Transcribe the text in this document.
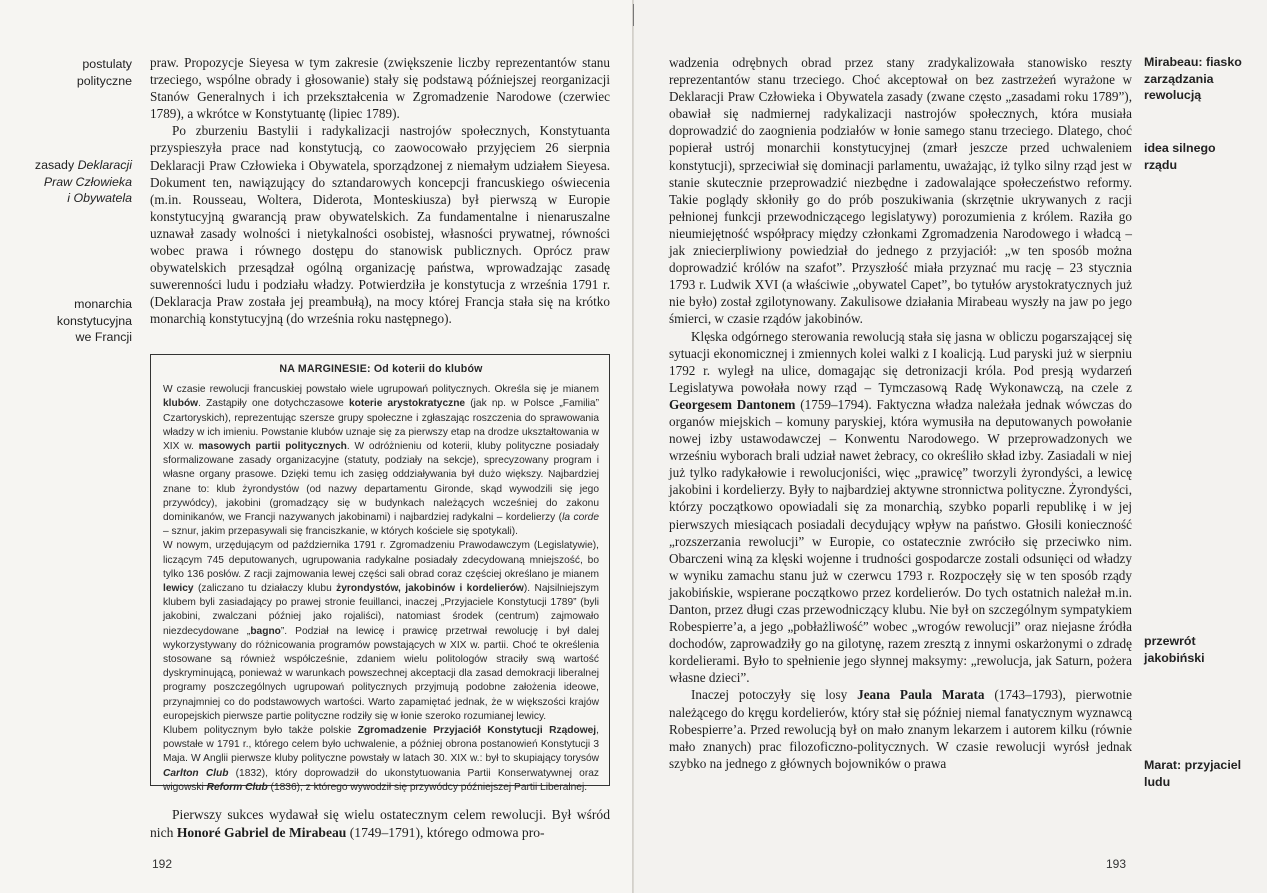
postulaty
polityczne
zasady Deklaracji
Praw Człowieka
i Obywatela
monarchia
konstytucyjna
we Francji

praw. Propozycje Sieyesa w tym zakresie (zwiększenie liczby reprezentantów stanu trzeciego, wspólne obrady i głosowanie) stały się podstawą późniejszej reorganizacji Stanów Generalnych i ich przekształcenia w Zgromadzenie Narodowe (czerwiec 1789), a wkrótce w Konstytuantę (lipiec 1789).

Po zburzeniu Bastylii i radykalizacji nastrojów społecznych, Konstytuanta przyspieszyła prace nad konstytucją, co zaowocowało przyjęciem 26 sierpnia Deklaracji Praw Człowieka i Obywatela, sporządzonej z niemałym udziałem Sieyesa. Dokument ten, nawiązujący do sztandarowych koncepcji francuskiego oświecenia (m.in. Rousseau, Woltera, Diderota, Monteskiusza) był pierwszą w Europie konstytucyjną gwarancją praw obywatelskich. Za fundamentalne i nienaruszalne uznawał zasady wolności i nietykalności osobistej, własności prywatnej, równości wobec prawa i równego dostępu do stanowisk publicznych. Oprócz praw obywatelskich przesądzał ogólną organizację państwa, wprowadzając zasadę suwerenności ludu i podziału władzy. Potwierdziła je konstytucja z września 1791 r. (Deklaracja Praw została jej preambułą), na mocy której Francja stała się na krótko monarchią konstytucyjną (do września roku następnego).

NA MARGINESIE: Od koterii do klubów

W czasie rewolucji francuskiej powstało wiele ugrupowań politycznych. Określa się je mianem klubów. Zastąpiły one dotychczasowe koterie arystokratyczne (jak np. w Polsce „Familia” Czartoryskich), reprezentując szersze grupy społeczne i zgłaszając roszczenia do sprawowania władzy w ich imieniu. Powstanie klubów uznaje się za pierwszy etap na drodze ukształtowania w XIX w. masowych partii politycznych. W odróżnieniu od koterii, kluby polityczne posiadały sformalizowane zasady organizacyjne (statuty, podziały na sekcje), sprecyzowany program i własne organy prasowe. Dzięki temu ich zasięg oddziaływania był dużo większy. Najbardziej znane to: klub żyrondystów (od nazwy departamentu Gironde, skąd wywodzili się jego przywódcy), jakobini (gromadzący się w budynkach należących wcześniej do zakonu dominikanów, we Francji nazywanych jakobinami) i najbardziej radykalni – kordelierzy (la corde – sznur, jakim przepasywali się franciszkanie, w których kościele się spotykali).

W nowym, urzędującym od października 1791 r. Zgromadzeniu Prawodawczym (Legislatywie), liczącym 745 deputowanych, ugrupowania radykalne posiadały zdecydowaną mniejszość, bo tylko 136 posłów. Z racji zajmowania lewej części sali obrad coraz częściej określano je mianem lewicy (zaliczano tu działaczy klubu żyrondystów, jakobinów i kordelierów). Najsilniejszym klubem byli zasiadający po prawej stronie feuillanci, inaczej „Przyjaciele Konstytucji 1789” (byli jakobini, zwalczani później jako rojaliści), natomiast środek (centrum) zajmowało niezdecydowane „bagno”. Podział na lewicę i prawicę przetrwał rewolucję i był dalej wykorzystywany do różnicowania programów powstających w XIX w. partii. Choć te określenia stosowane są również współcześnie, zdaniem wielu politologów straciły swą wartość dyskryminującą, ponieważ w warunkach powszechnej akceptacji dla zasad demokracji liberalnej programy poszczególnych ugrupowań politycznych przyjmują podobne założenia ideowe, przynajmniej co do podstawowych wartości. Warto zapamiętać jednak, że w większości krajów europejskich pierwsze partie polityczne rodziły się w łonie szeroko rozumianej lewicy.

Klubem politycznym było także polskie Zgromadzenie Przyjaciół Konstytucji Rządowej, powstałe w 1791 r., którego celem było uchwalenie, a później obrona postanowień Konstytucji 3 Maja. W Anglii pierwsze kluby polityczne powstały w latach 30. XIX w.: był to skupiający torysów Carlton Club (1832), który doprowadził do ukonstytuowania Partii Konserwatywnej oraz wigowski Reform Club (1836), z którego wywodził się przywódcy późniejszej Partii Liberalnej.

Pierwszy sukces wydawał się wielu ostatecznym celem rewolucji. Był wśród nich Honoré Gabriel de Mirabeau (1749–1791), którego odmowa pro-

192

wadzenia odrębnych obrad przez stany zradykalizowała stanowisko reszty reprezentantów stanu trzeciego. Choć akceptował on bez zastrzeżeń wyrażone w Deklaracji Praw Człowieka i Obywatela zasady (zwane często „zasadami roku 1789”), obawiał się nadmiernej radykalizacji nastrojów społecznych, która musiała doprowadzić do zaognienia podziałów w łonie samego stanu trzeciego. Dlatego, choć popierał ustrój monarchii konstytucyjnej (zmarł jeszcze przed uchwaleniem konstytucji), sprzeciwiał się dominacji parlamentu, uważając, iż tylko silny rząd jest w stanie skutecznie przeprowadzić niezbędne i zadowalające społeczeństwo reformy. Takie poglądy skłoniły go do prób poszukiwania (skrzętnie ukrywanych z racji pełnionej funkcji przewodniczącego legislatywy) porozumienia z królem. Raziła go nieumiejętność współpracy między członkami Zgromadzenia Narodowego i władcą – jak zniecierpliwiony powiedział do jednego z przyjaciół: „w ten sposób można doprowadzić królów na szafot”. Przyszłość miała przyznać mu rację – 23 stycznia 1793 r. Ludwik XVI (a właściwie „obywatel Capet”, bo tytułów arystokratycznych już nie było) został zgilotynowany. Zakulisowe działania Mirabeau wyszły na jaw po jego śmierci, w czasie rządów jakobinów.

Klęska odgórnego sterowania rewolucją stała się jasna w obliczu pogarszającej się sytuacji ekonomicznej i zmiennych kolei walki z I koalicją. Lud paryski już w sierpniu 1792 r. wyległ na ulice, domagając się detronizacji króla. Pod presją wydarzeń Legislatywa powołała nowy rząd – Tymczasową Radę Wykonawczą, na czele z Georgesem Dantonem (1759–1794). Faktyczna władza należała jednak wówczas do organów miejskich – komuny paryskiej, która wymusiła na deputowanych powołanie nowej izby ustawodawczej – Konwentu Narodowego. W przeprowadzonych we wrześniu wyborach brali udział nawet żebracy, co określiło skład izby. Zasiadali w niej już tylko radykałowie i rewolucjoniści, więc „prawicę” tworzyli żyrondyści, a lewicę jakobini i kordelierzy. Były to najbardziej aktywne stronnictwa polityczne. Żyrondyści, którzy początkowo opowiadali się za monarchią, szybko poparli republikę i w jej pierwszych miesiącach posiadali decydujący wpływ na państwo. Głosili konieczność „rozszerzania rewolucji” w Europie, co ostatecznie zwróciło się przeciwko nim. Obarczeni winą za klęski wojenne i trudności gospodarcze zostali odsunięci od władzy w wyniku zamachu stanu już w czerwcu 1793 r. Rozpoczęły się w ten sposób rządy jakobińskie, wspierane początkowo przez kordelierów. Do tych ostatnich należał m.in. Danton, przez długi czas przewodniczący klubu. Nie był on szczególnym sympatykiem Robespierre’a, a jego „pobłażliwość” wobec „wrogów rewolucji” oraz niejasne źródła dochodów, zaprowadziły go na gilotynę, razem zresztą z innymi oskarżonymi o zdradę kordelierami. Było to spełnienie jego słynnej maksymy: „rewolucja, jak Saturn, pożera własne dzieci”.

Inaczej potoczyły się losy Jeana Paula Marata (1743–1793), pierwotnie należącego do kręgu kordelierów, który stał się później niemal fanatycznym wyznawcą Robespierre’a. Przed rewolucją był on mało znanym lekarzem i autorem kilku (równie mało znanych) prac filozoficzno-politycznych. W czasie rewolucji wyrósł jednak szybko na jednego z głównych bojowników o prawa

Mirabeau: fiasko
zarządzania
rewolucją
idea silnego
rządu
przewrót
jakobiński
Marat: przyjaciel
ludu
193
